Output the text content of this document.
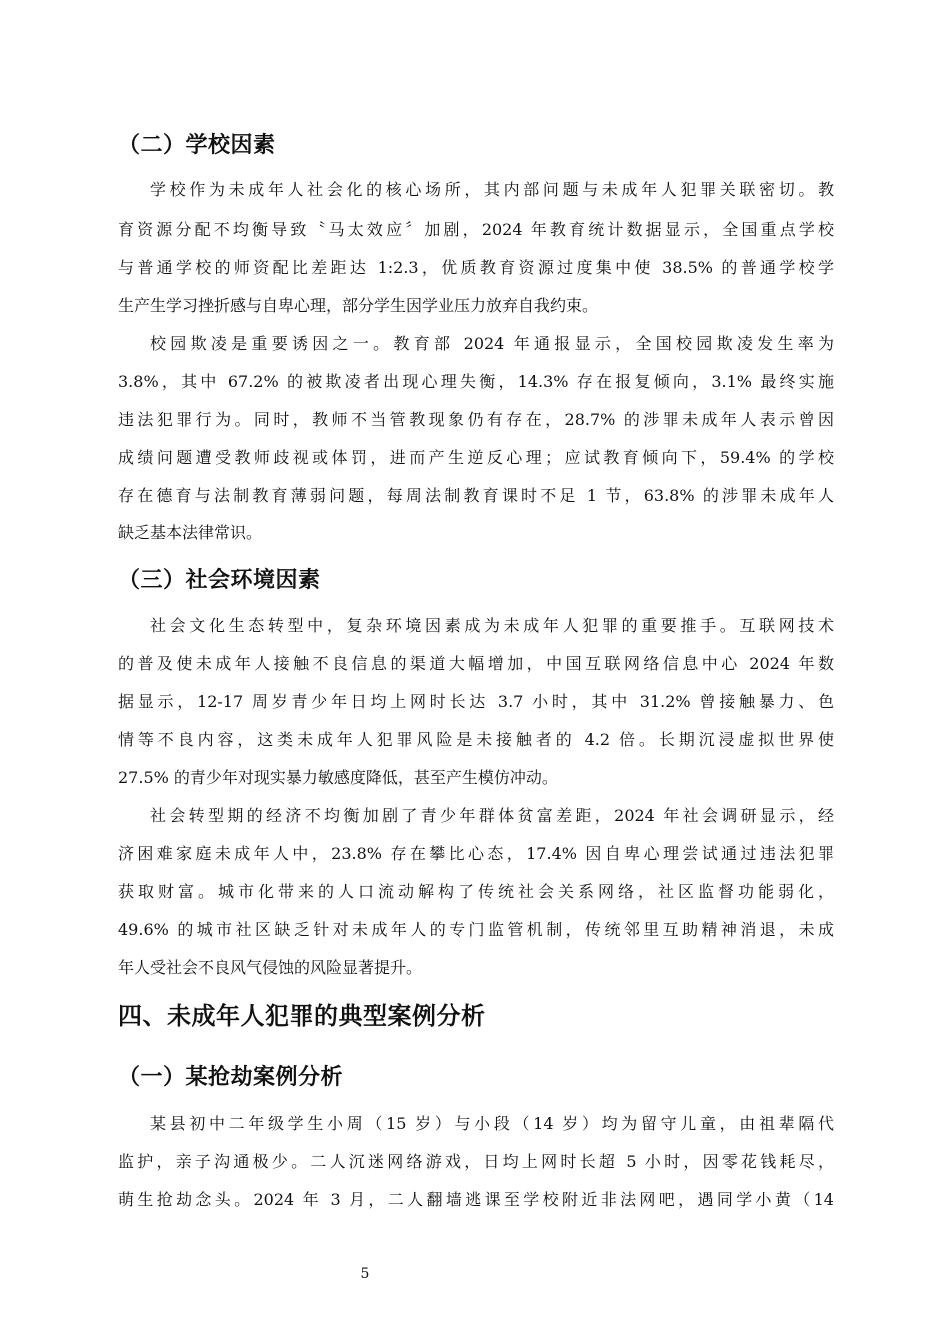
（二）学校因素
学校作为未成年人社会化的核心场所，其内部问题与未成年人犯罪关联密切。教
育资源分配不均衡导致〝马太效应〞加剧，2024 年教育统计数据显示，全国重点学校
与普通学校的师资配比差距达 1:2.3，优质教育资源过度集中使 38.5% 的普通学校学
生产生学习挫折感与自卑心理，部分学生因学业压力放弃自我约束。
校园欺凌是重要诱因之一。教育部 2024 年通报显示，全国校园欺凌发生率为
3.8%，其中 67.2% 的被欺凌者出现心理失衡，14.3% 存在报复倾向，3.1% 最终实施
违法犯罪行为。同时，教师不当管教现象仍有存在，28.7% 的涉罪未成年人表示曾因
成绩问题遭受教师歧视或体罚，进而产生逆反心理；应试教育倾向下，59.4% 的学校
存在德育与法制教育薄弱问题，每周法制教育课时不足 1 节，63.8% 的涉罪未成年人
缺乏基本法律常识。
（三）社会环境因素
社会文化生态转型中，复杂环境因素成为未成年人犯罪的重要推手。互联网技术
的普及使未成年人接触不良信息的渠道大幅增加，中国互联网络信息中心 2024 年数
据显示，12-17 周岁青少年日均上网时长达 3.7 小时，其中 31.2% 曾接触暴力、色
情等不良内容，这类未成年人犯罪风险是未接触者的 4.2 倍。长期沉浸虚拟世界使
27.5% 的青少年对现实暴力敏感度降低，甚至产生模仿冲动。
社会转型期的经济不均衡加剧了青少年群体贫富差距，2024 年社会调研显示，经
济困难家庭未成年人中，23.8% 存在攀比心态，17.4% 因自卑心理尝试通过违法犯罪
获取财富。城市化带来的人口流动解构了传统社会关系网络，社区监督功能弱化，
49.6% 的城市社区缺乏针对未成年人的专门监管机制，传统邻里互助精神消退，未成
年人受社会不良风气侵蚀的风险显著提升。
四、未成年人犯罪的典型案例分析
（一）某抢劫案例分析
某县初中二年级学生小周（15 岁）与小段（14 岁）均为留守儿童，由祖辈隔代
监护，亲子沟通极少。二人沉迷网络游戏，日均上网时长超 5 小时，因零花钱耗尽，
萌生抢劫念头。2024 年 3 月，二人翻墙逃课至学校附近非法网吧，遇同学小黄（14
5
